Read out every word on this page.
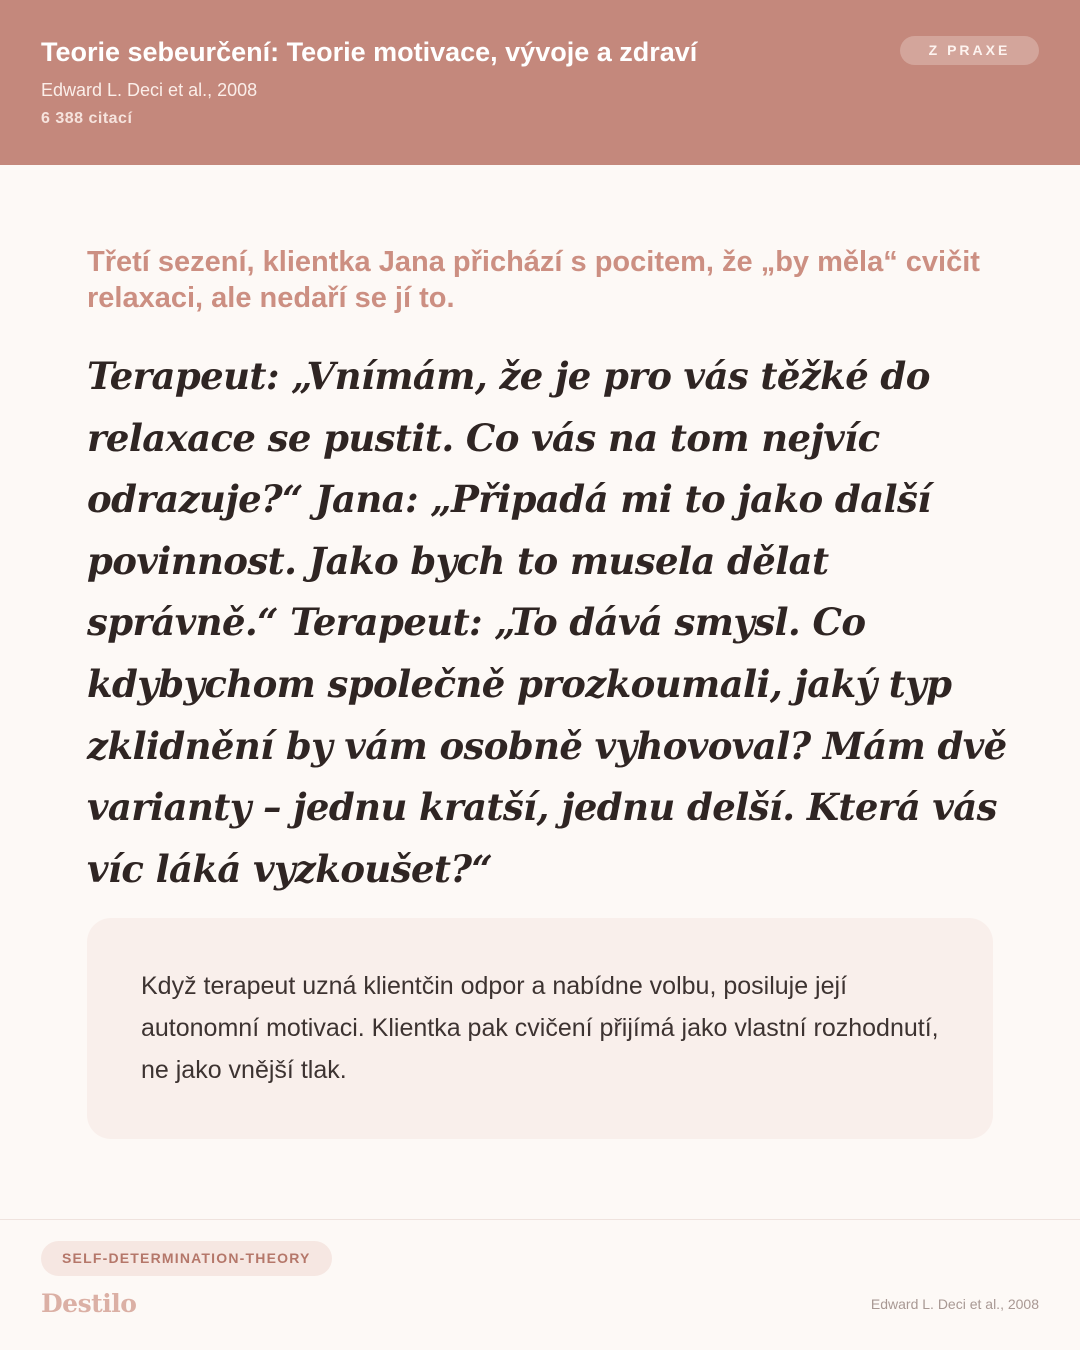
Teorie sebeurčení: Teorie motivace, vývoje a zdraví
Edward L. Deci et al., 2008
6 388 citací
Z PRAXE
Třetí sezení, klientka Jana přichází s pocitem, že „by měla“ cvičit relaxaci, ale nedaří se jí to.
Terapeut: „Vnímám, že je pro vás těžké do relaxace se pustit. Co vás na tom nejvíc odrazuje?“ Jana: „Připadá mi to jako další povinnost. Jako bych to musela dělat správně.“ Terapeut: „To dává smysl. Co kdybychom společně prozkoumali, jaký typ zklidnění by vám osobně vyhovoval? Mám dvě varianty – jednu kratší, jednu delší. Která vás víc láká vyzkoušet?“
Když terapeut uzná klientčin odpor a nabídne volbu, posiluje její autonomní motivaci. Klientka pak cvičení přijímá jako vlastní rozhodnutí, ne jako vnější tlak.
SELF-DETERMINATION-THEORY
Destilo	Edward L. Deci et al., 2008
